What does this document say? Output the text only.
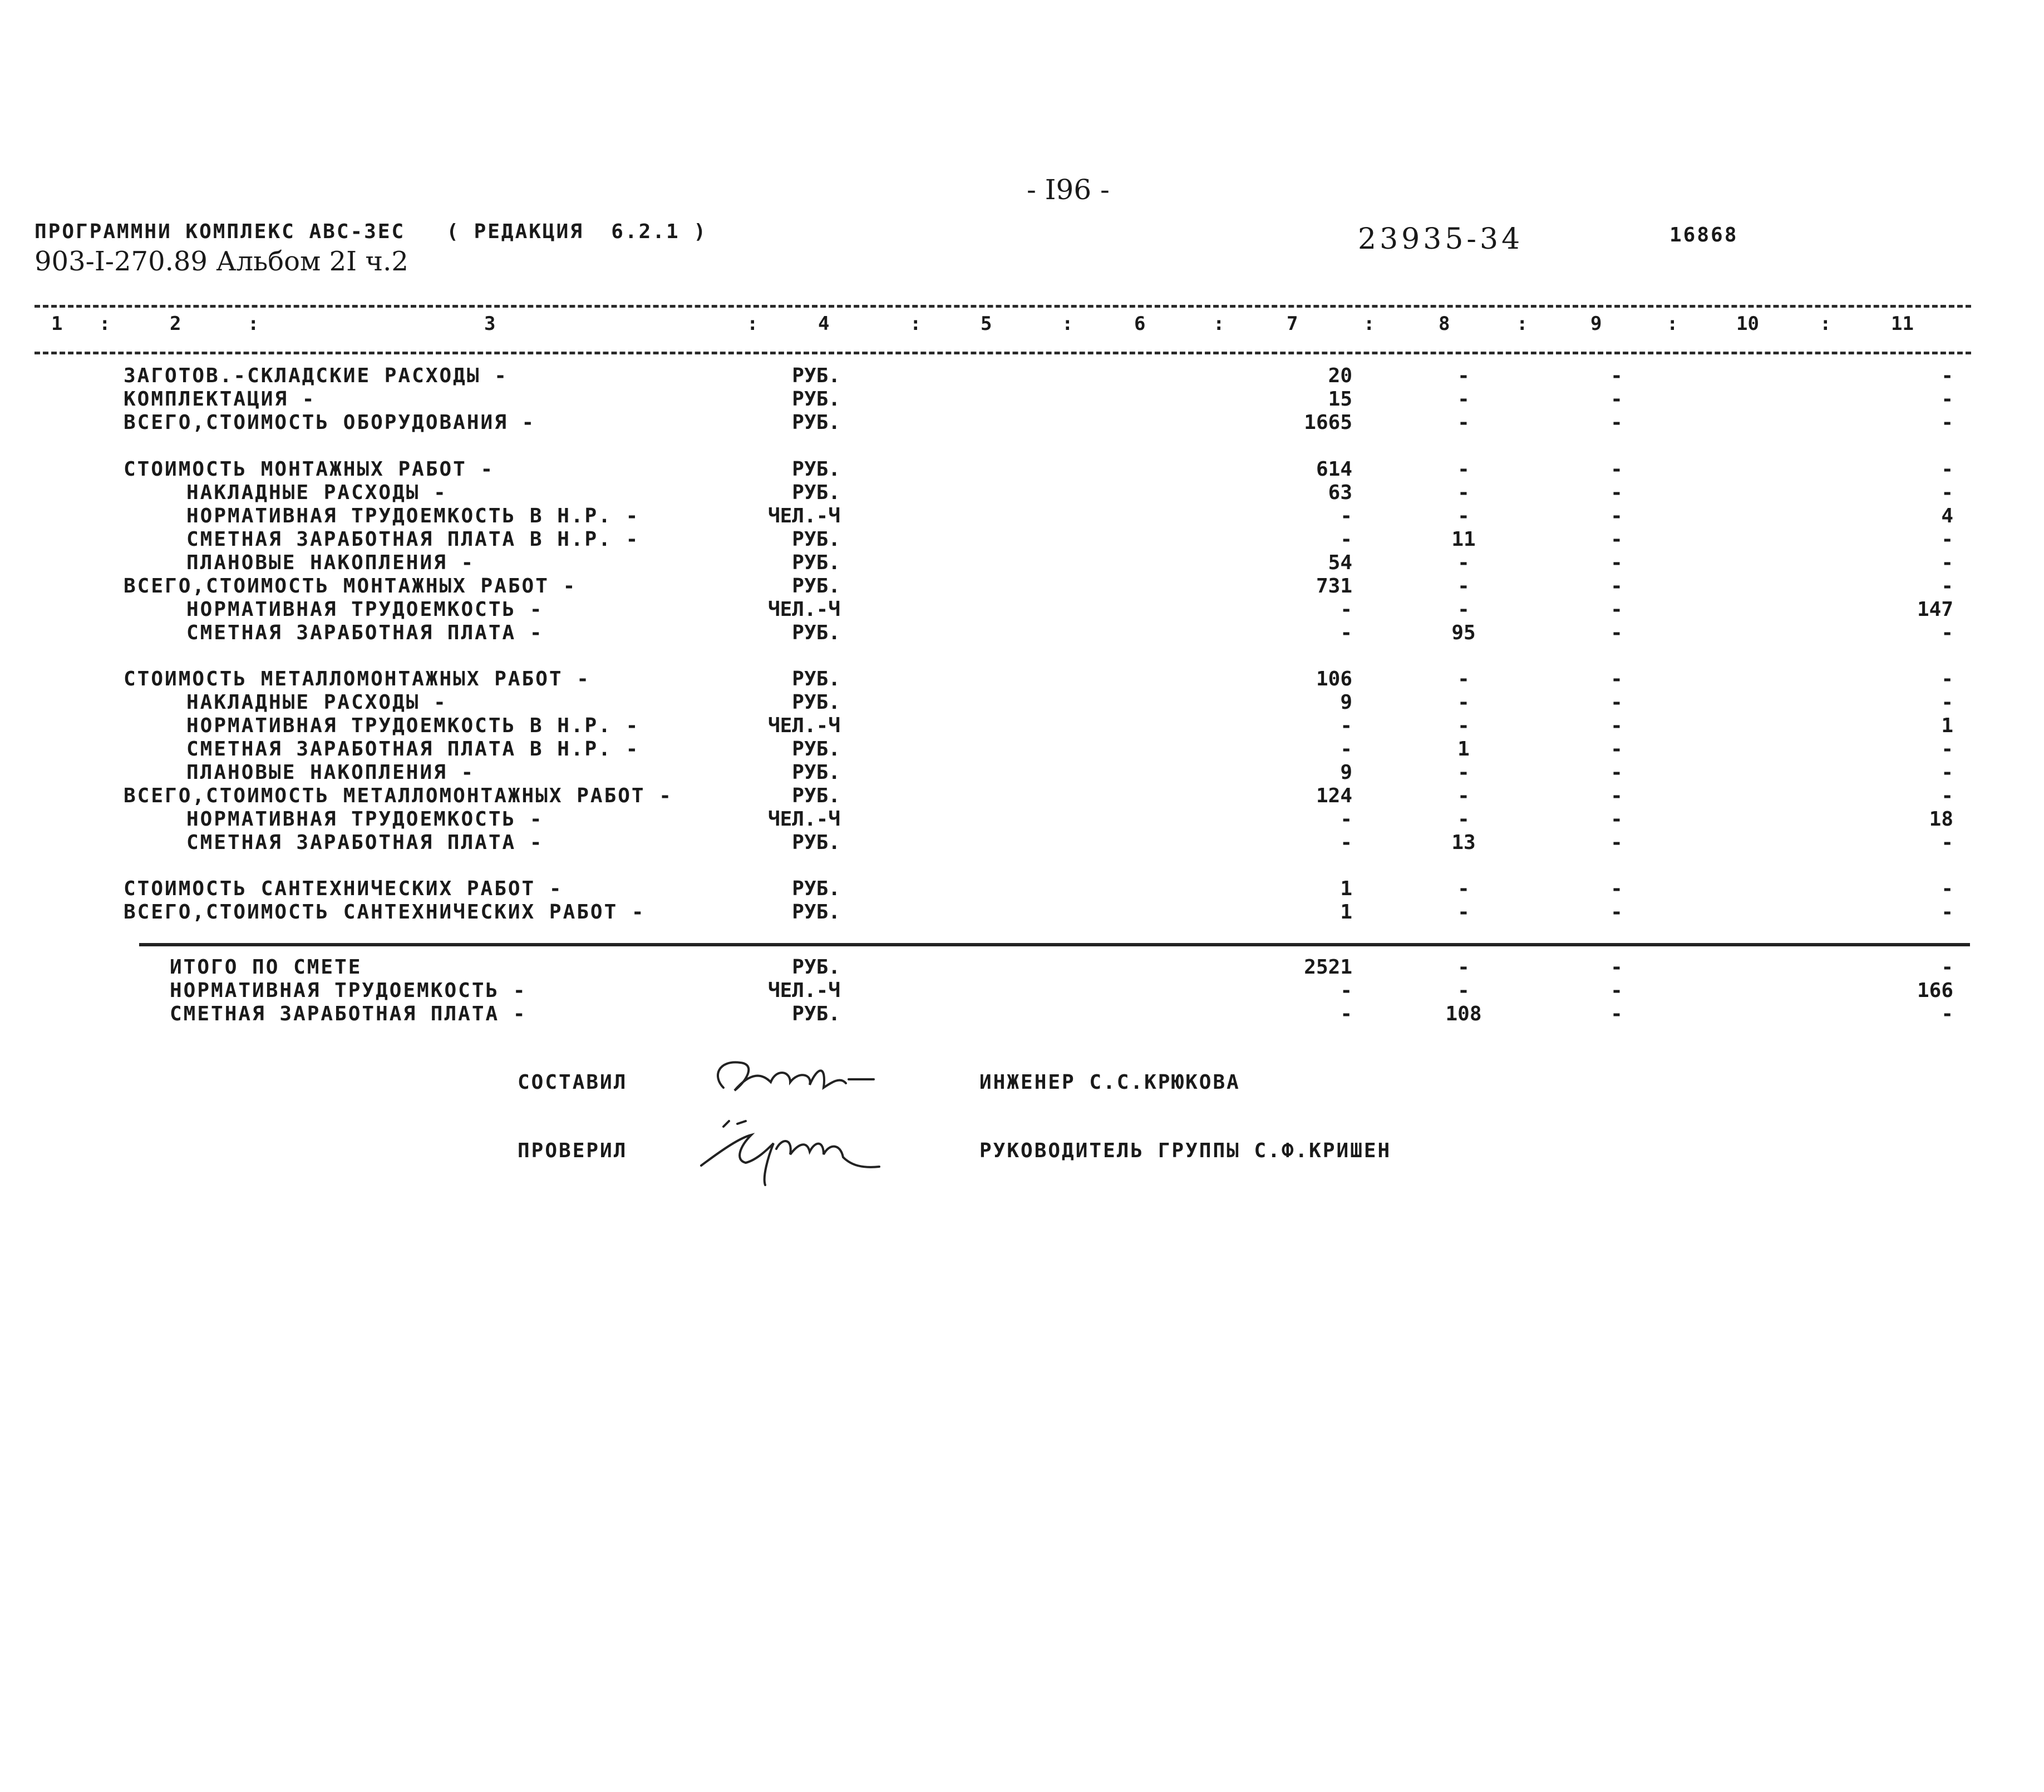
- I96 -
ПРОГРАММНИ КОМПЛЕКС АВС-3ЕС   ( РЕДАКЦИЯ  6.2.1 )
903-I-270.89 Альбом 2I ч.2
23935-34	16868
1 :	2	:	3	:	4	:	5	:	6	:	7	:	8	:	9	:	10	:	11
ЗАГОТОВ.-СКЛАДСКИЕ РАСХОДЫ -	РУБ.	20	-	-	-
КОМПЛЕКТАЦИЯ -	РУБ.	15	-	-	-
ВСЕГО,СТОИМОСТЬ ОБОРУДОВАНИЯ -	РУБ.	1665	-	-	-
СТОИМОСТЬ МОНТАЖНЫХ РАБОТ -	РУБ.	614	-	-	-
НАКЛАДНЫЕ РАСХОДЫ -	РУБ.	63	-	-	-
НОРМАТИВНАЯ ТРУДОЕМКОСТЬ В Н.Р. -	ЧЕЛ.-Ч	-	-	-	4
СМЕТНАЯ ЗАРАБОТНАЯ ПЛАТА В Н.Р. -	РУБ.	-	11	-	-
ПЛАНОВЫЕ НАКОПЛЕНИЯ -	РУБ.	54	-	-	-
ВСЕГО,СТОИМОСТЬ МОНТАЖНЫХ РАБОТ -	РУБ.	731	-	-	-
НОРМАТИВНАЯ ТРУДОЕМКОСТЬ -	ЧЕЛ.-Ч	-	-	-	147
СМЕТНАЯ ЗАРАБОТНАЯ ПЛАТА -	РУБ.	-	95	-	-
СТОИМОСТЬ МЕТАЛЛОМОНТАЖНЫХ РАБОТ -	РУБ.	106	-	-	-
НАКЛАДНЫЕ РАСХОДЫ -	РУБ.	9	-	-	-
НОРМАТИВНАЯ ТРУДОЕМКОСТЬ В Н.Р. -	ЧЕЛ.-Ч	-	-	-	1
СМЕТНАЯ ЗАРАБОТНАЯ ПЛАТА В Н.Р. -	РУБ.	-	1	-	-
ПЛАНОВЫЕ НАКОПЛЕНИЯ -	РУБ.	9	-	-	-
ВСЕГО,СТОИМОСТЬ МЕТАЛЛОМОНТАЖНЫХ РАБОТ -	РУБ.	124	-	-	-
НОРМАТИВНАЯ ТРУДОЕМКОСТЬ -	ЧЕЛ.-Ч	-	-	-	18
СМЕТНАЯ ЗАРАБОТНАЯ ПЛАТА -	РУБ.	-	13	-	-
СТОИМОСТЬ САНТЕХНИЧЕСКИХ РАБОТ -	РУБ.	1	-	-	-
ВСЕГО,СТОИМОСТЬ САНТЕХНИЧЕСКИХ РАБОТ -	РУБ.	1	-	-	-
ИТОГО ПО СМЕТЕ	РУБ.	2521	-	-	-
НОРМАТИВНАЯ ТРУДОЕМКОСТЬ -	ЧЕЛ.-Ч	-	-	-	166
СМЕТНАЯ ЗАРАБОТНАЯ ПЛАТА -	РУБ.	-	108	-	-
СОСТАВИЛ	ИНЖЕНЕР С.С.КРЮКОВА
ПРОВЕРИЛ	РУКОВОДИТЕЛЬ ГРУППЫ С.Ф.КРИШЕН
